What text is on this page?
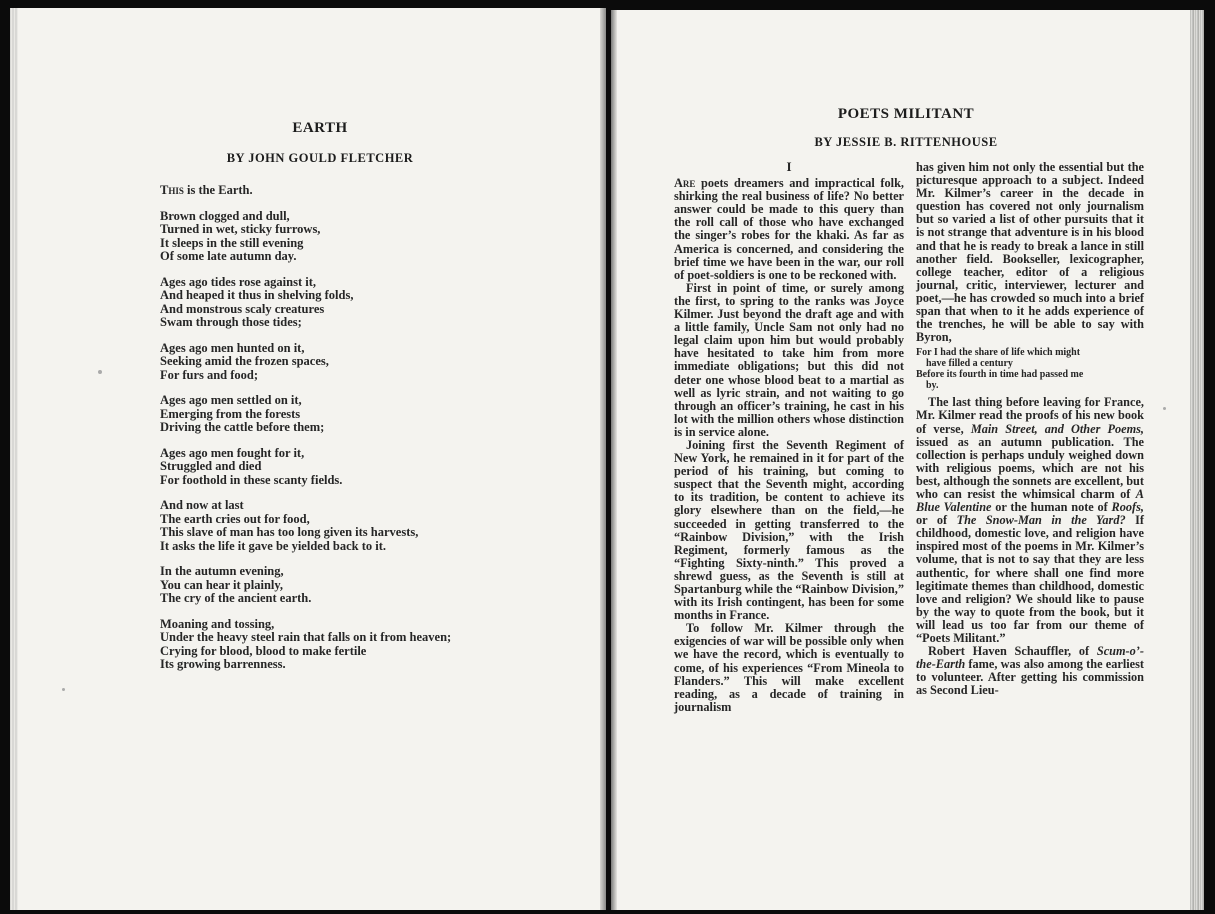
EARTH
BY JOHN GOULD FLETCHER
This is the Earth.
Brown clogged and dull,
Turned in wet, sticky furrows,
It sleeps in the still evening
Of some late autumn day.
Ages ago tides rose against it,
And heaped it thus in shelving folds,
And monstrous scaly creatures
Swam through those tides;
Ages ago men hunted on it,
Seeking amid the frozen spaces,
For furs and food;
Ages ago men settled on it,
Emerging from the forests
Driving the cattle before them;
Ages ago men fought for it,
Struggled and died
For foothold in these scanty fields.
And now at last
The earth cries out for food,
This slave of man has too long given its harvests,
It asks the life it gave be yielded back to it.
In the autumn evening,
You can hear it plainly,
The cry of the ancient earth.
Moaning and tossing,
Under the heavy steel rain that falls on it from heaven;
Crying for blood, blood to make fertile
Its growing barrenness.
POETS MILITANT
BY JESSIE B. RITTENHOUSE
I

Are poets dreamers and impractical folk, shirking the real business of life? No better answer could be made to this query than the roll call of those who have exchanged the singer’s robes for the khaki. As far as America is concerned, and considering the brief time we have been in the war, our roll of poet-soldiers is one to be reckoned with.

First in point of time, or surely among the first, to spring to the ranks was Joyce Kilmer. Just beyond the draft age and with a little family, Uncle Sam not only had no legal claim upon him but would probably have hesitated to take him from more immediate obligations; but this did not deter one whose blood beat to a martial as well as lyric strain, and not waiting to go through an officer’s training, he cast in his lot with the million others whose distinction is in service alone.

Joining first the Seventh Regiment of New York, he remained in it for part of the period of his training, but coming to suspect that the Seventh might, according to its tradition, be content to achieve its glory elsewhere than on the field,—he succeeded in getting transferred to the “Rainbow Division,” with the Irish Regiment, formerly famous as the “Fighting Sixty-ninth.” This proved a shrewd guess, as the Seventh is still at Spartanburg while the “Rainbow Division,” with its Irish contingent, has been for some months in France.

To follow Mr. Kilmer through the exigencies of war will be possible only when we have the record, which is eventually to come, of his experiences “From Mineola to Flanders.” This will make excellent reading, as a decade of training in journalism

has given him not only the essential but the picturesque approach to a subject. Indeed Mr. Kilmer’s career in the decade in question has covered not only journalism but so varied a list of other pursuits that it is not strange that adventure is in his blood and that he is ready to break a lance in still another field. Bookseller, lexicographer, college teacher, editor of a religious journal, critic, interviewer, lecturer and poet,—he has crowded so much into a brief span that when to it he adds experience of the trenches, he will be able to say with Byron,

For I had the share of life which might
have filled a century
Before its fourth in time had passed me
by.

The last thing before leaving for France, Mr. Kilmer read the proofs of his new book of verse, Main Street, and Other Poems, issued as an autumn publication. The collection is perhaps unduly weighed down with religious poems, which are not his best, although the sonnets are excellent, but who can resist the whimsical charm of A Blue Valentine or the human note of Roofs, or of The Snow-Man in the Yard? If childhood, domestic love, and religion have inspired most of the poems in Mr. Kilmer’s volume, that is not to say that they are less authentic, for where shall one find more legitimate themes than childhood, domestic love and religion? We should like to pause by the way to quote from the book, but it will lead us too far from our theme of “Poets Militant.”

Robert Haven Schauffler, of Scum-o’-the-Earth fame, was also among the earliest to volunteer. After getting his commission as Second Lieu-
